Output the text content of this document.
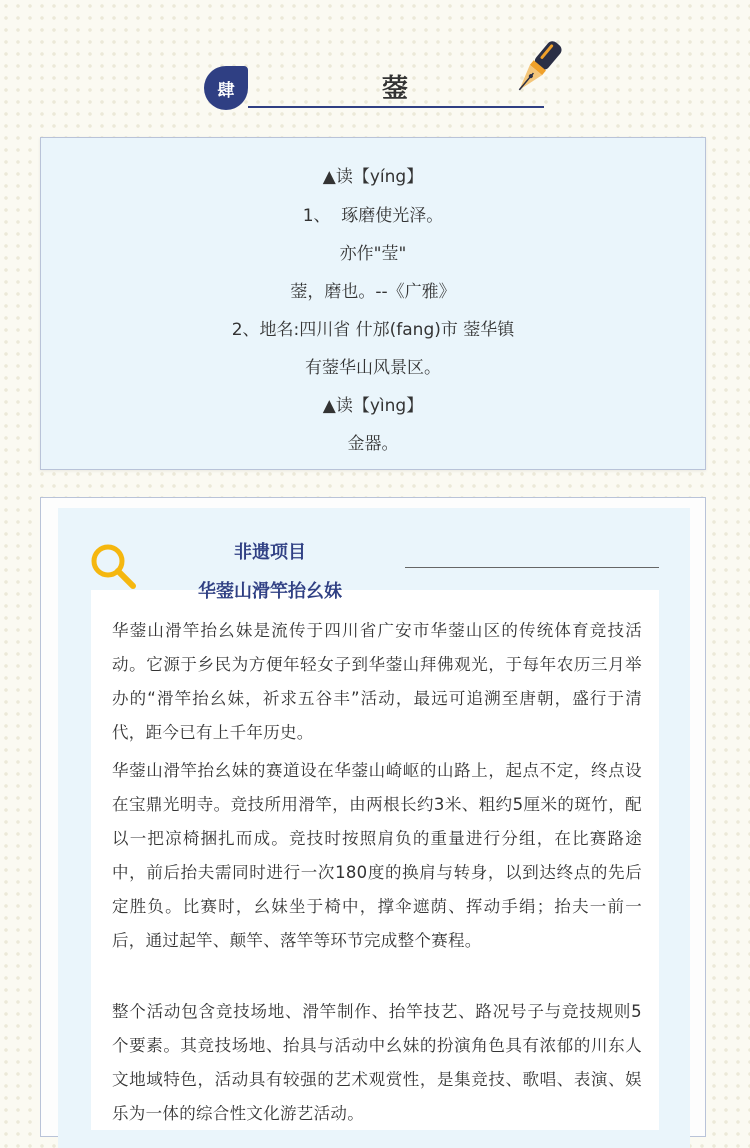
肆	蓥
▲读【yíng】
1、  琢磨使光泽。
亦作"莹"
蓥，磨也。--《广雅》
2、地名:四川省 什邡(fang)市 蓥华镇
有蓥华山风景区。
▲读【yìng】
金器。
非遗项目
华蓥山滑竿抬幺妹
华蓥山滑竿抬幺妹是流传于四川省广安市华蓥山区的传统体育竞技活动。它源于乡民为方便年轻女子到华蓥山拜佛观光，于每年农历三月举办的“滑竿抬幺妹，祈求五谷丰”活动，最远可追溯至唐朝，盛行于清代，距今已有上千年历史。
华蓥山滑竿抬幺妹的赛道设在华蓥山崎岖的山路上，起点不定，终点设在宝鼎光明寺。竞技所用滑竿，由两根长约3米、粗约5厘米的斑竹，配以一把凉椅捆扎而成。竞技时按照肩负的重量进行分组，在比赛路途中，前后抬夫需同时进行一次180度的换肩与转身，以到达终点的先后定胜负。比赛时，幺妹坐于椅中，撑伞遮荫、挥动手绢；抬夫一前一后，通过起竿、颠竿、落竿等环节完成整个赛程。
整个活动包含竞技场地、滑竿制作、抬竿技艺、路况号子与竞技规则5个要素。其竞技场地、抬具与活动中幺妹的扮演角色具有浓郁的川东人文地域特色，活动具有较强的艺术观赏性，是集竞技、歌唱、表演、娱乐为一体的综合性文化游艺活动。
